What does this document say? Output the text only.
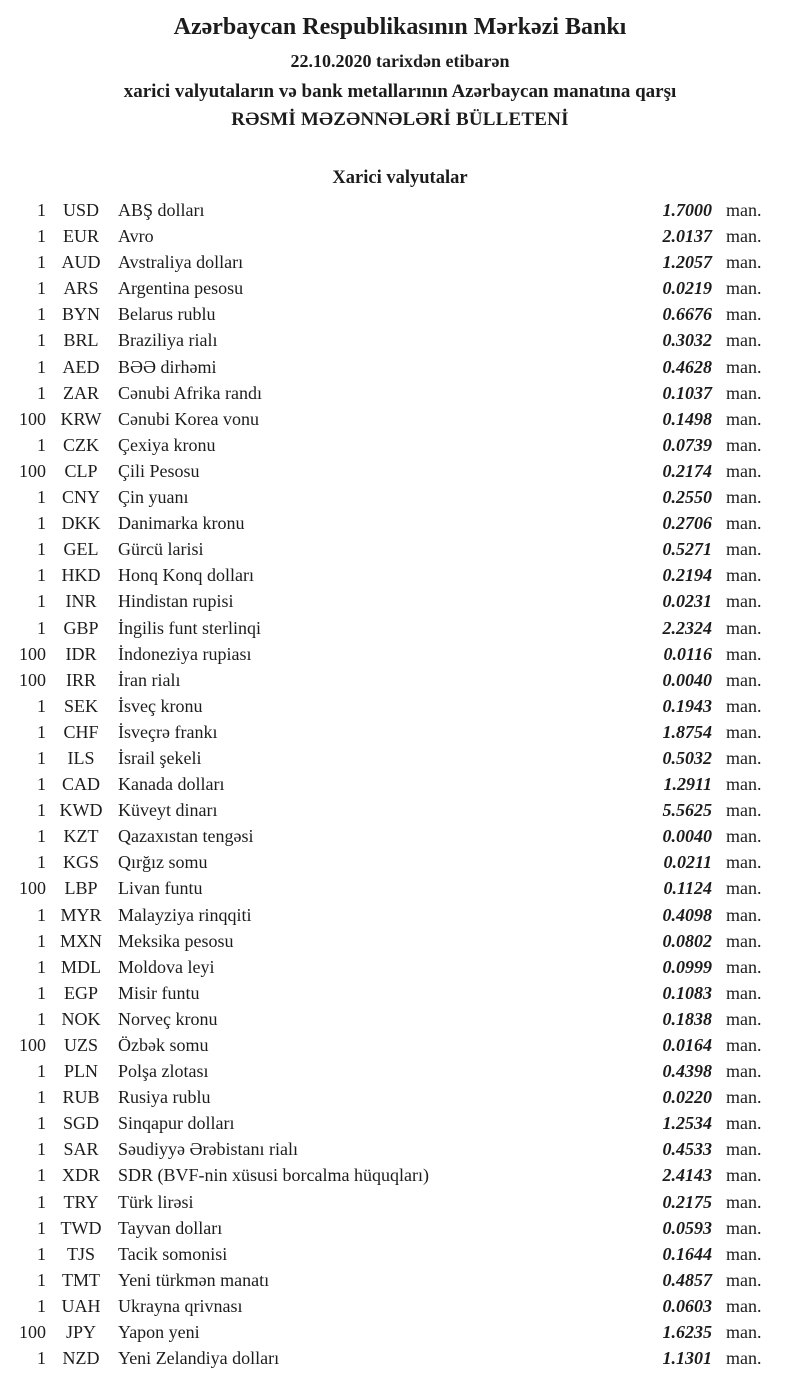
Azərbaycan Respublikasının Mərkəzi Bankı
22.10.2020 tarixdən etibarən
xarici valyutaların və bank metallarının Azərbaycan manatına qarşı
RƏSMİ MƏZƏNNƏLƏRİ BÜLLETENİ
Xarici valyutalar
1 USD	ABŞ dolları	1.7000 man.
1 EUR	Avro	2.0137 man.
1 AUD Avstraliya dolları	1.2057 man.
1 ARS	Argentina pesosu	0.0219 man.
1 BYN	Belarus rublu	0.6676 man.
1 BRL	Braziliya rialı	0.3032 man.
1 AED	BƏƏ dirhəmi	0.4628 man.
1 ZAR	Cənubi Afrika randı	0.1037 man.
100 KRW Cənubi Korea vonu	0.1498 man.
1 CZK	Çexiya kronu	0.0739 man.
100	CLP	Çili Pesosu	0.2174 man.
1 CNY	Çin yuanı	0.2550 man.
1 DKK Danimarka kronu	0.2706 man.
1 GEL	Gürcü larisi	0.5271 man.
1 HKD Honq Konq dolları	0.2194 man.
1	INR	Hindistan rupisi	0.0231 man.
1 GBP	İngilis funt sterlinqi	2.2324 man.
100	IDR	İndoneziya rupiası	0.0116 man.
100	IRR	İran rialı	0.0040 man.
1 SEK	İsveç kronu	0.1943 man.
1 CHF	İsveçrə frankı	1.8754 man.
1	ILS	İsrail şekeli	0.5032 man.
1 CAD	Kanada dolları	1.2911 man.
1 KWD Küveyt dinarı	5.5625 man.
1 KZT	Qazaxıstan tengəsi	0.0040 man.
1 KGS	Qırğız somu	0.0211 man.
100	LBP	Livan funtu	0.1124 man.
1 MYR Malayziya rinqqiti	0.4098 man.
1 MXN Meksika pesosu	0.0802 man.
1 MDL Moldova leyi	0.0999 man.
1 EGP	Misir funtu	0.1083 man.
1 NOK Norveç kronu	0.1838 man.
100 UZS	Özbək somu	0.0164 man.
1 PLN	Polşa zlotası	0.4398 man.
1 RUB	Rusiya rublu	0.0220 man.
1 SGD	Sinqapur dolları	1.2534 man.
1 SAR	Səudiyyə Ərəbistanı rialı	0.4533 man.
1 XDR	SDR (BVF-nin xüsusi borcalma hüquqları)	2.4143 man.
1 TRY	Türk lirəsi	0.2175 man.
1 TWD Tayvan dolları	0.0593 man.
1	TJS	Tacik somonisi	0.1644 man.
1 TMT	Yeni türkmən manatı	0.4857 man.
1 UAH Ukrayna qrivnası	0.0603 man.
100	JPY	Yapon yeni	1.6235 man.
1 NZD	Yeni Zelandiya dolları	1.1301 man.
